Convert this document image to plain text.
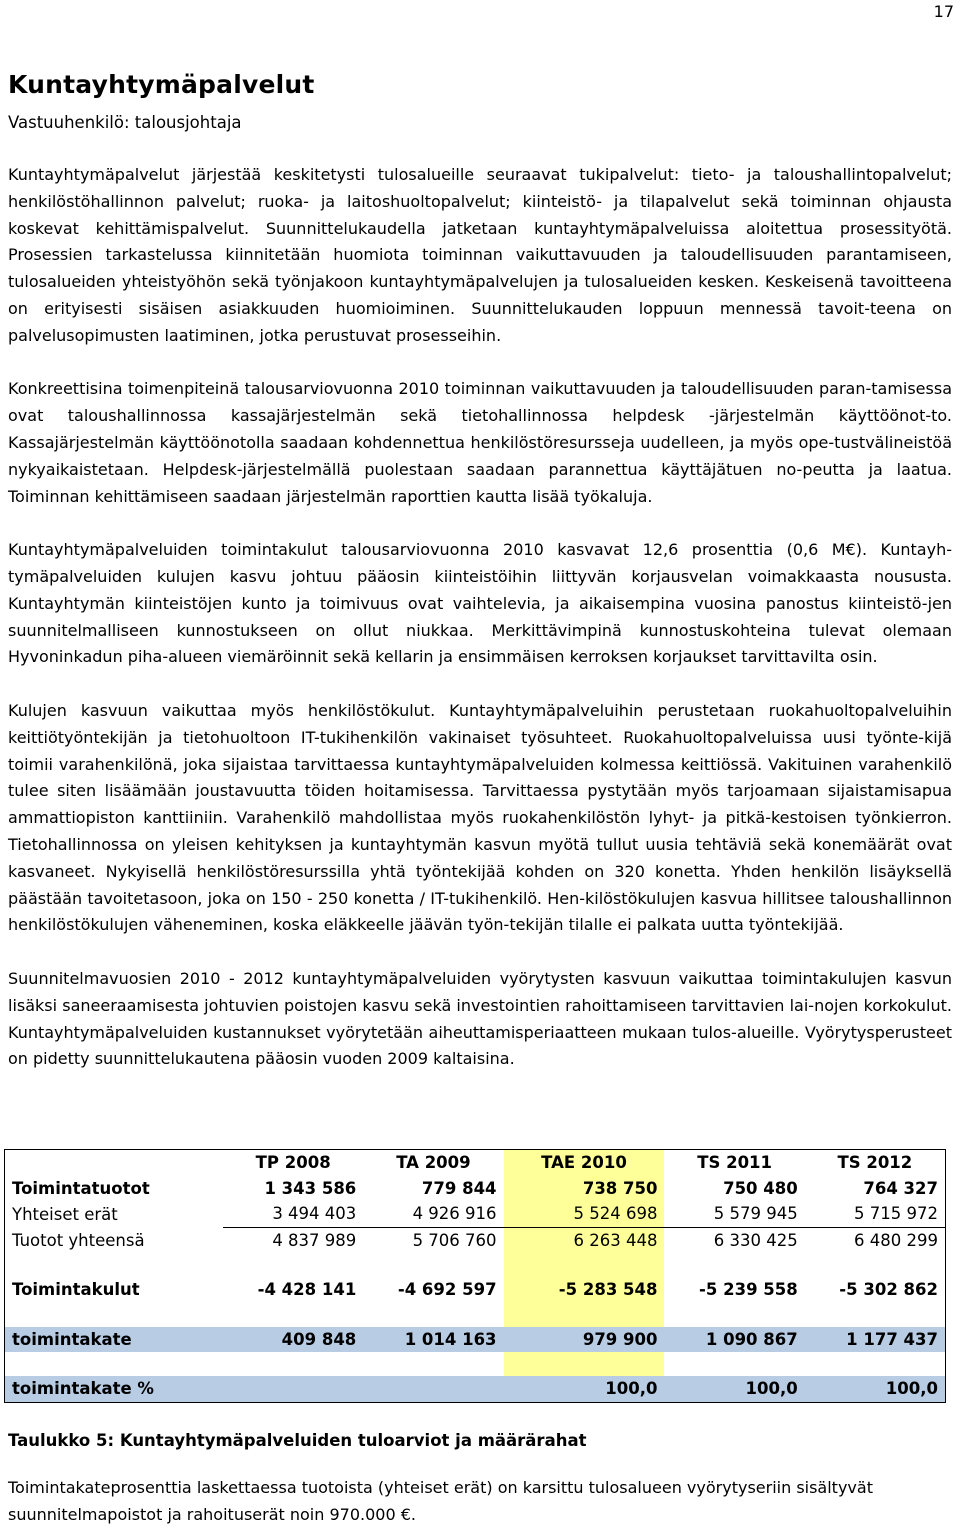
17
Kuntayhtymäpalvelut
Vastuuhenkilö: talousjohtaja

Kuntayhtymäpalvelut järjestää keskitetysti tulosalueille seuraavat tukipalvelut: tieto- ja taloushallintopalvelut; henkilöstöhallinnon palvelut; ruoka- ja laitoshuoltopalvelut; kiinteistö- ja tilapalvelut sekä toiminnan ohjausta koskevat kehittämispalvelut. Suunnittelukaudella jatketaan kuntayhtymäpalveluissa aloitettua prosessityötä. Prosessien tarkastelussa kiinnitetään huomiota toiminnan vaikuttavuuden ja taloudellisuuden parantamiseen, tulosalueiden yhteistyöhön sekä työnjakoon kuntayhtymäpalvelujen ja tulosalueiden kesken. Keskeisenä tavoitteena on erityisesti sisäisen asiakkuuden huomioiminen. Suunnittelukauden loppuun mennessä tavoit-teena on palvelusopimusten laatiminen, jotka perustuvat prosesseihin.

Konkreettisina toimenpiteinä talousarviovuonna 2010 toiminnan vaikuttavuuden ja taloudellisuuden paran-tamisessa ovat taloushallinnossa kassajärjestelmän sekä tietohallinnossa helpdesk -järjestelmän käyttöönot-to. Kassajärjestelmän käyttöönotolla saadaan kohdennettua henkilöstöresursseja uudelleen, ja myös ope-tustvälineistöä nykyaikaistetaan. Helpdesk-järjestelmällä puolestaan saadaan parannettua käyttäjätuen no-peutta ja laatua. Toiminnan kehittämiseen saadaan järjestelmän raporttien kautta lisää työkaluja.

Kuntayhtymäpalveluiden toimintakulut talousarviovuonna 2010 kasvavat 12,6 prosenttia (0,6 M€). Kuntayh-tymäpalveluiden kulujen kasvu johtuu pääosin kiinteistöihin liittyvän korjausvelan voimakkaasta noususta. Kuntayhtymän kiinteistöjen kunto ja toimivuus ovat vaihtelevia, ja aikaisempina vuosina panostus kiinteistö-jen suunnitelmalliseen kunnostukseen on ollut niukkaa. Merkittävimpinä kunnostuskohteina tulevat olemaan Hyvoninkadun piha-alueen viemäröinnit sekä kellarin ja ensimmäisen kerroksen korjaukset tarvittavilta osin.

Kulujen kasvuun vaikuttaa myös henkilöstökulut. Kuntayhtymäpalveluihin perustetaan ruokahuoltopalveluihin keittiötyöntekijän ja tietohuoltoon IT-tukihenkilön vakinaiset työsuhteet. Ruokahuoltopalveluissa uusi työnte-kijä toimii varahenkilönä, joka sijaistaa tarvittaessa kuntayhtymäpalveluiden kolmessa keittiössä. Vakituinen varahenkilö tulee siten lisäämään joustavuutta töiden hoitamisessa. Tarvittaessa pystytään myös tarjoamaan sijaistamisapua ammattiopiston kanttiiniin. Varahenkilö mahdollistaa myös ruokahenkilöstön lyhyt- ja pitkä-kestoisen työnkierron. Tietohallinnossa on yleisen kehityksen ja kuntayhtymän kasvun myötä tullut uusia tehtäviä sekä konemäärät ovat kasvaneet. Nykyisellä henkilöstöresurssilla yhtä työntekijää kohden on 320 konetta. Yhden henkilön lisäyksellä päästään tavoitetasoon, joka on 150 - 250 konetta / IT-tukihenkilö. Hen-kilöstökulujen kasvua hillitsee taloushallinnon henkilöstökulujen väheneminen, koska eläkkeelle jäävän työn-tekijän tilalle ei palkata uutta työntekijää.

Suunnitelmavuosien 2010 - 2012 kuntayhtymäpalveluiden vyörytysten kasvuun vaikuttaa toimintakulujen kasvun lisäksi saneeraamisesta johtuvien poistojen kasvu sekä investointien rahoittamiseen tarvittavien lai-nojen korkokulut. Kuntayhtymäpalveluiden kustannukset vyörytetään aiheuttamisperiaatteen mukaan tulos-alueille. Vyörytysperusteet on pidetty suunnittelukautena pääosin vuoden 2009 kaltaisina.

	TP 2008	TA 2009	TAE 2010	TS 2011	TS 2012
Toimintatuotot	1 343 586	779 844	738 750	750 480	764 327
Yhteiset erät	3 494 403	4 926 916	5 524 698	5 579 945	5 715 972
Tuotot yhteensä	4 837 989	5 706 760	6 263 448	6 330 425	6 480 299

Toimintakulut	-4 428 141	-4 692 597	-5 283 548	-5 239 558	-5 302 862

toimintakate	409 848	1 014 163	979 900	1 090 867	1 177 437

toimintakate %			100,0	100,0	100,0
Taulukko 5: Kuntayhtymäpalveluiden tuloarviot ja määrärahat

Toimintakateprosenttia laskettaessa tuotoista (yhteiset erät) on karsittu tulosalueen vyörytyseriin sisältyvät suunnitelmapoistot ja rahoituserät noin 970.000 €.
